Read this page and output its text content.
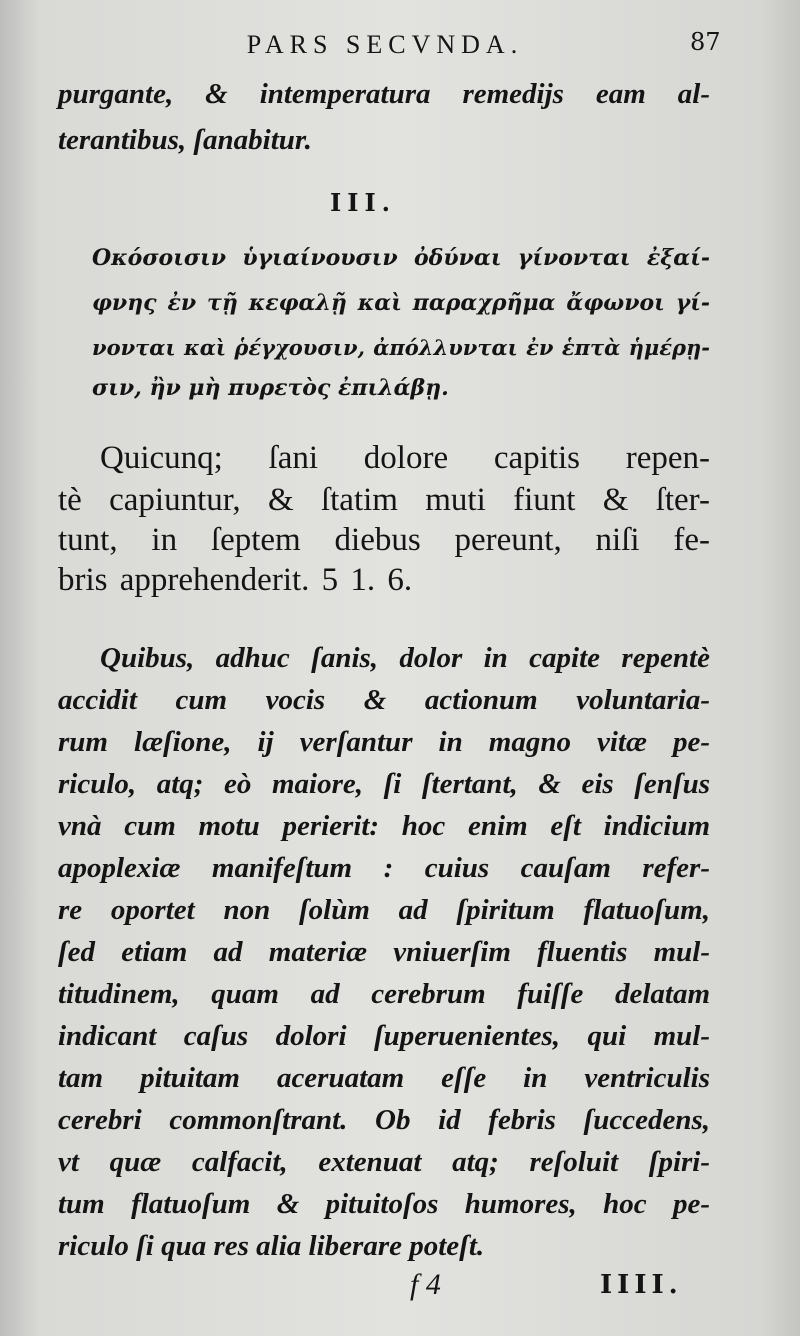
PARS SECVNDA.	87
purgante, & intemperatura remedijs eam al-
terantibus, ſanabitur.
III.
Οκόσοισιν ὑγιαίνουσιν ὀδύναι γίνονται ἐξαί-
φνης ἐν τῇ κεφαλῇ καὶ παραχρῆμα ἄφωνοι γί-
νονται καὶ ῥέγχουσιν, ἀπόλλυνται ἐν ἑπτὰ ἡμέρῃ-
σιν, ἢν μὴ πυρετὸς ἐπιλάβῃ.
Quicunq; ſani dolore capitis repen-
tè capiuntur, & ſtatim muti fiunt & ſter-
tunt, in ſeptem diebus pereunt, niſi fe-
bris apprehenderit. 5 1. 6.
Quibus, adhuc ſanis, dolor in capite repentè
accidit cum vocis & actionum voluntaria-
rum læſione, ij verſantur in magno vitæ pe-
riculo, atq; eò maiore, ſi ſtertant, & eis ſenſus
vnà cum motu perierit: hoc enim eſt indicium
apoplexiæ manifeſtum : cuius cauſam refer-
re oportet non ſolùm ad ſpiritum flatuoſum,
ſed etiam ad materiæ vniuerſim fluentis mul-
titudinem, quam ad cerebrum fuiſſe delatam
indicant caſus dolori ſuperuenientes, qui mul-
tam pituitam aceruatam eſſe in ventriculis
cerebri commonſtrant. Ob id febris ſuccedens,
vt quæ calfacit, extenuat atq; reſoluit ſpiri-
tum flatuoſum & pituitoſos humores, hoc pe-
riculo ſi qua res alia liberare poteſt.
f 4	IIII.
